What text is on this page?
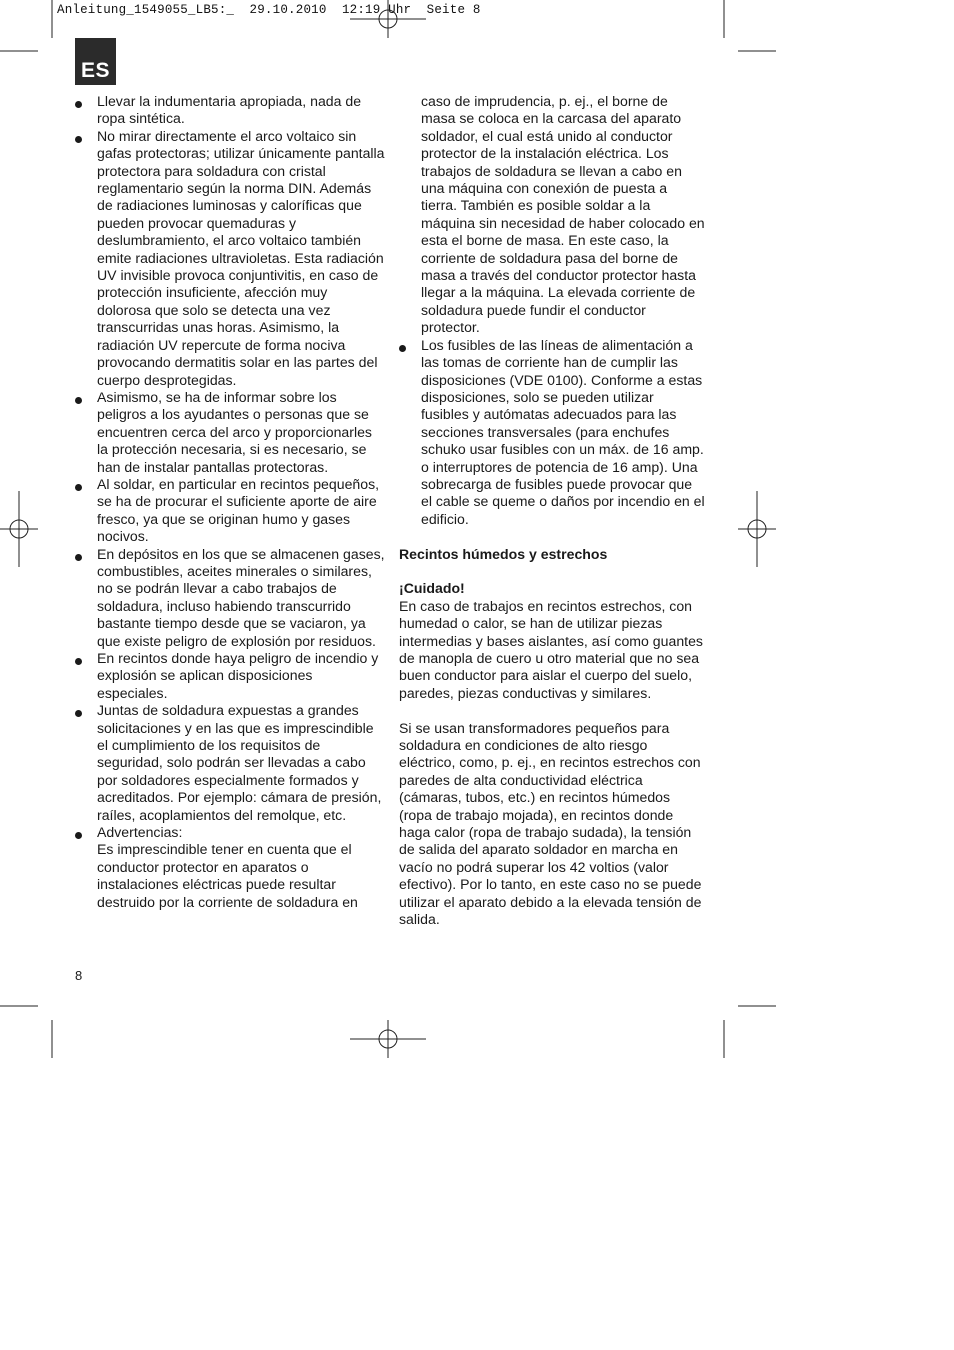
Anleitung_1549055_LB5:_  29.10.2010  12:19 Uhr  Seite 8
ES
Llevar la indumentaria apropiada, nada de ropa sintética.
No mirar directamente el arco voltaico sin gafas protectoras; utilizar únicamente pantalla protectora para soldadura con cristal reglamentario según la norma DIN. Además de radiaciones luminosas y caloríficas que pueden provocar quemaduras y deslumbramiento, el arco voltaico también emite radiaciones ultravioletas. Esta radiación UV invisible provoca conjuntivitis, en caso de protección insuficiente, afección muy dolorosa que solo se detecta una vez transcurridas unas horas. Asimismo, la radiación UV repercute de forma nociva provocando dermatitis solar en las partes del cuerpo desprotegidas.
Asimismo, se ha de informar sobre los peligros a los ayudantes o personas que se encuentren cerca del arco y proporcionarles la protección necesaria, si es necesario, se han de instalar pantallas protectoras.
Al soldar, en particular en recintos pequeños, se ha de procurar el suficiente aporte de aire fresco, ya que se originan humo y gases nocivos.
En depósitos en los que se almacenen gases, combustibles, aceites minerales o similares, no se podrán llevar a cabo trabajos de soldadura, incluso habiendo transcurrido bastante tiempo desde que se vaciaron, ya que existe peligro de explosión por residuos.
En recintos donde haya peligro de incendio y explosión se aplican disposiciones especiales.
Juntas de soldadura expuestas a grandes solicitaciones y en las que es imprescindible el cumplimiento de los requisitos de seguridad, solo podrán ser llevadas a cabo por soldadores especialmente formados y acreditados. Por ejemplo: cámara de presión, raíles, acoplamientos del remolque, etc.
Advertencias:

Es imprescindible tener en cuenta que el conductor protector en aparatos o instalaciones eléctricas puede resultar destruido por la corriente de soldadura en

caso de imprudencia, p. ej., el borne de masa se coloca en la carcasa del aparato soldador, el cual está unido al conductor protector de la instalación eléctrica. Los trabajos de soldadura se llevan a cabo en una máquina con conexión de puesta a tierra. También es posible soldar a la máquina sin necesidad de haber colocado en esta el borne de masa. En este caso, la corriente de soldadura pasa del borne de masa a través del conductor protector hasta llegar a la máquina. La elevada corriente de soldadura puede fundir el conductor protector.

Los fusibles de las líneas de alimentación a las tomas de corriente han de cumplir las disposiciones (VDE 0100). Conforme a estas disposiciones, solo se pueden utilizar fusibles y autómatas adecuados para las secciones transversales (para enchufes schuko usar fusibles con un máx. de 16 amp. o interruptores de potencia de 16 amp). Una sobrecarga de fusibles puede provocar que el cable se queme o daños por incendio en el edificio.

Recintos húmedos y estrechos

¡Cuidado!

En caso de trabajos en recintos estrechos, con humedad o calor, se han de utilizar piezas intermedias y bases aislantes, así como guantes de manopla de cuero u otro material que no sea buen conductor para aislar el cuerpo del suelo, paredes, piezas conductivas y similares.

Si se usan transformadores pequeños para soldadura en condiciones de alto riesgo eléctrico, como, p. ej., en recintos estrechos con paredes de alta conductividad eléctrica (cámaras, tubos, etc.) en recintos húmedos (ropa de trabajo mojada), en recintos donde haga calor (ropa de trabajo sudada), la tensión de salida del aparato soldador en marcha en vacío no podrá superar los 42 voltios (valor efectivo). Por lo tanto, en este caso no se puede utilizar el aparato debido a la elevada tensión de salida.

8
